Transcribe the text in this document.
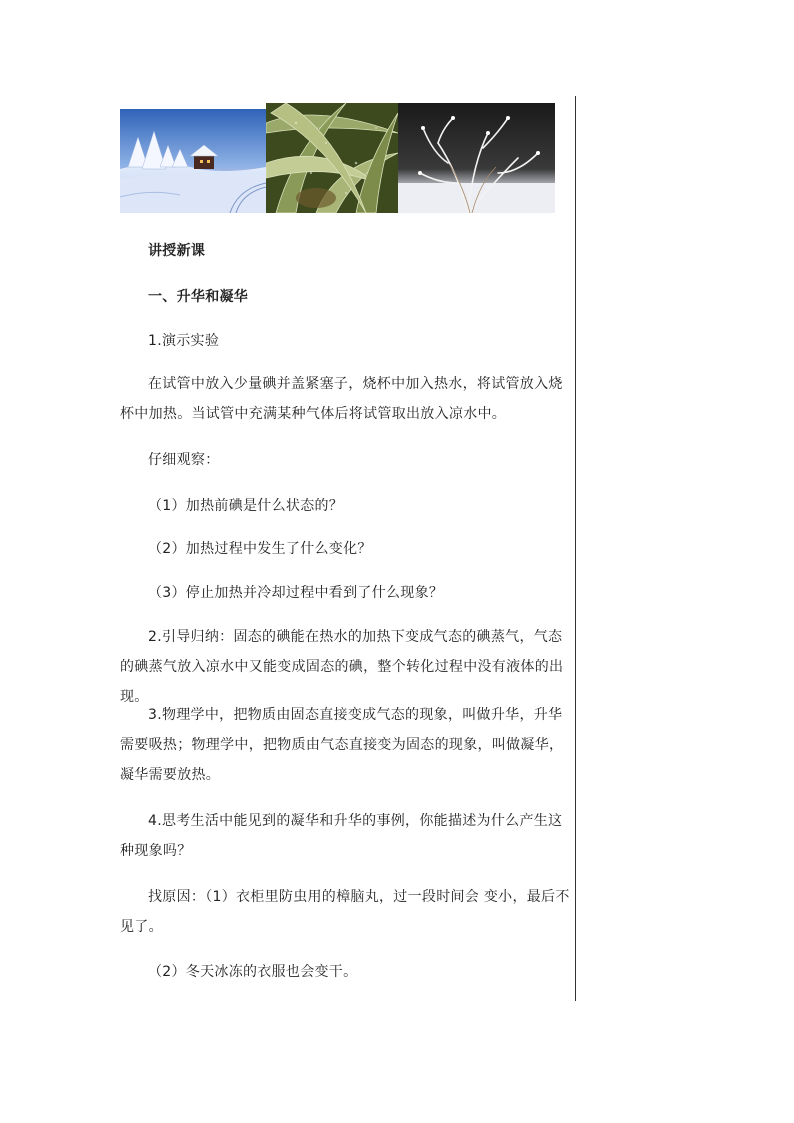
讲授新课
一、升华和凝华
1.演示实验
在试管中放入少量碘并盖紧塞子，烧杯中加入热水，将试管放入烧杯中加热。当试管中充满某种气体后将试管取出放入凉水中。
仔细观察：
（1）加热前碘是什么状态的？
（2）加热过程中发生了什么变化？
（3）停止加热并冷却过程中看到了什么现象？
2.引导归纳：固态的碘能在热水的加热下变成气态的碘蒸气，气态的碘蒸气放入凉水中又能变成固态的碘，整个转化过程中没有液体的出现。
3.物理学中，把物质由固态直接变成气态的现象，叫做升华，升华需要吸热；物理学中，把物质由气态直接变为固态的现象，叫做凝华，凝华需要放热。
4.思考生活中能见到的凝华和升华的事例，你能描述为什么产生这种现象吗？
找原因：（1）衣柜里防虫用的樟脑丸，过一段时间会 变小，最后不见了。
（2）冬天冰冻的衣服也会变干。
